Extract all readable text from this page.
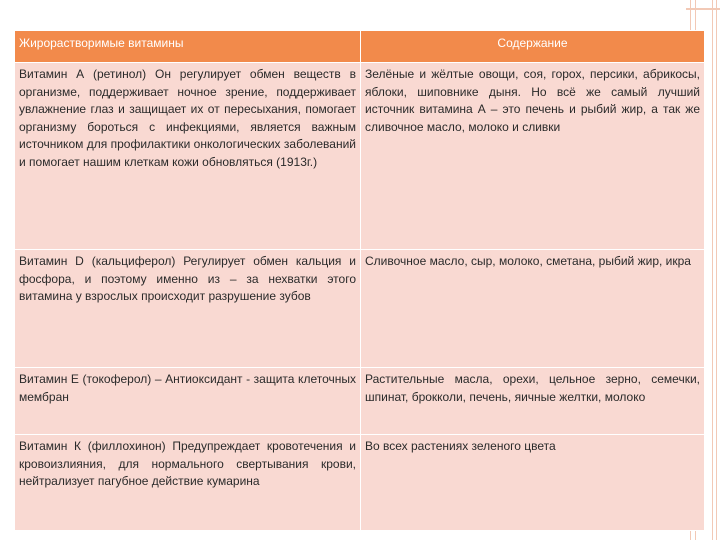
Жирорастворимые витамины	Содержание
Витамин А (ретинол) Он регулирует обмен веществ в организме, поддерживает ночное зрение, поддерживает увлажнение глаз и защищает их от пересыхания, помогает организму бороться с инфекциями, является важным источником для профилактики онкологических заболеваний и помогает нашим клеткам кожи обновляться (1913г.)	Зелёные и жёлтые овощи, соя, горох, персики, абрикосы, яблоки, шиповнике дыня. Но всё же самый лучший источник витамина А – это печень и рыбий жир, а так же сливочное масло, молоко и сливки
Витамин D (кальциферол) Регулирует обмен кальция и фосфора, и поэтому именно из – за нехватки этого витамина у взрослых происходит разрушение зубов	Сливочное масло, сыр, молоко, сметана, рыбий жир, икра
Витамин Е (токоферол) – Антиоксидант - защита клеточных мембран	Растительные масла, орехи, цельное зерно, семечки, шпинат, брокколи, печень, яичные желтки, молоко
Витамин К (филлохинон) Предупреждает кровотечения и кровоизлияния, для нормального свертывания крови, нейтрализует пагубное действие кумарина	Во всех растениях зеленого цвета
